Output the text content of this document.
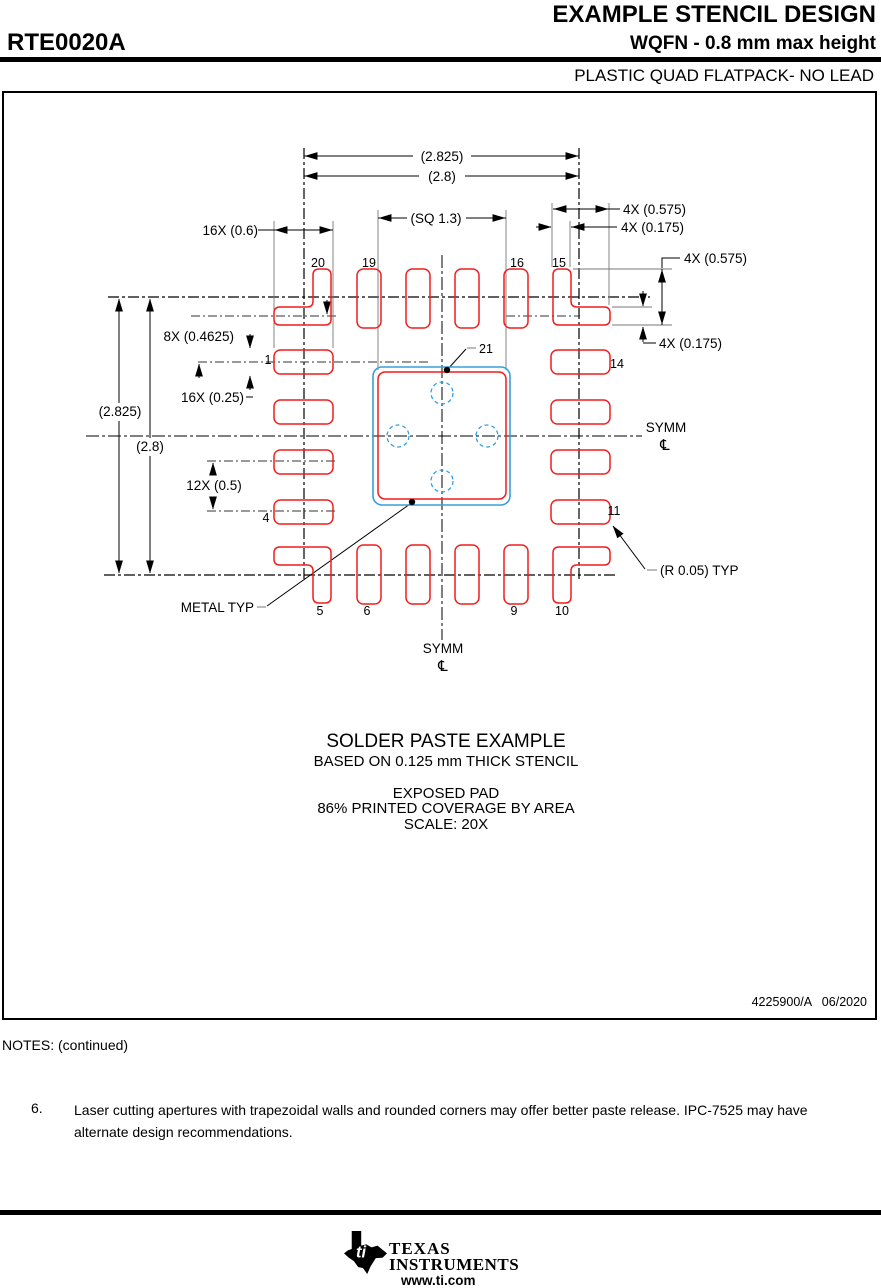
EXAMPLE STENCIL DESIGN
RTE0020A	WQFN - 0.8 mm max height
PLASTIC QUAD FLATPACK- NO LEAD
(2.825)
(2.8)
(SQ 1.3)
16X (0.6)
4X (0.575)
4X (0.175)
4X (0.575)
4X (0.175)
(2.825)
(2.8)
8X (0.4625)
16X (0.25)
12X (0.5)
(R 0.05) TYP
METAL TYP
SYMM
℄
SYMM
℄
20	19	16 15
1
4
5	6	9	10
14
11
21
SOLDER PASTE EXAMPLE
BASED ON 0.125 mm THICK STENCIL
EXPOSED PAD
86% PRINTED COVERAGE BY AREA
SCALE: 20X
4225900/A   06/2020
NOTES: (continued)
6. Laser cutting apertures with trapezoidal walls and rounded corners may offer better paste release. IPC-7525 may have alternate design recommendations.
ti TEXAS
INSTRUMENTS
www.ti.com
